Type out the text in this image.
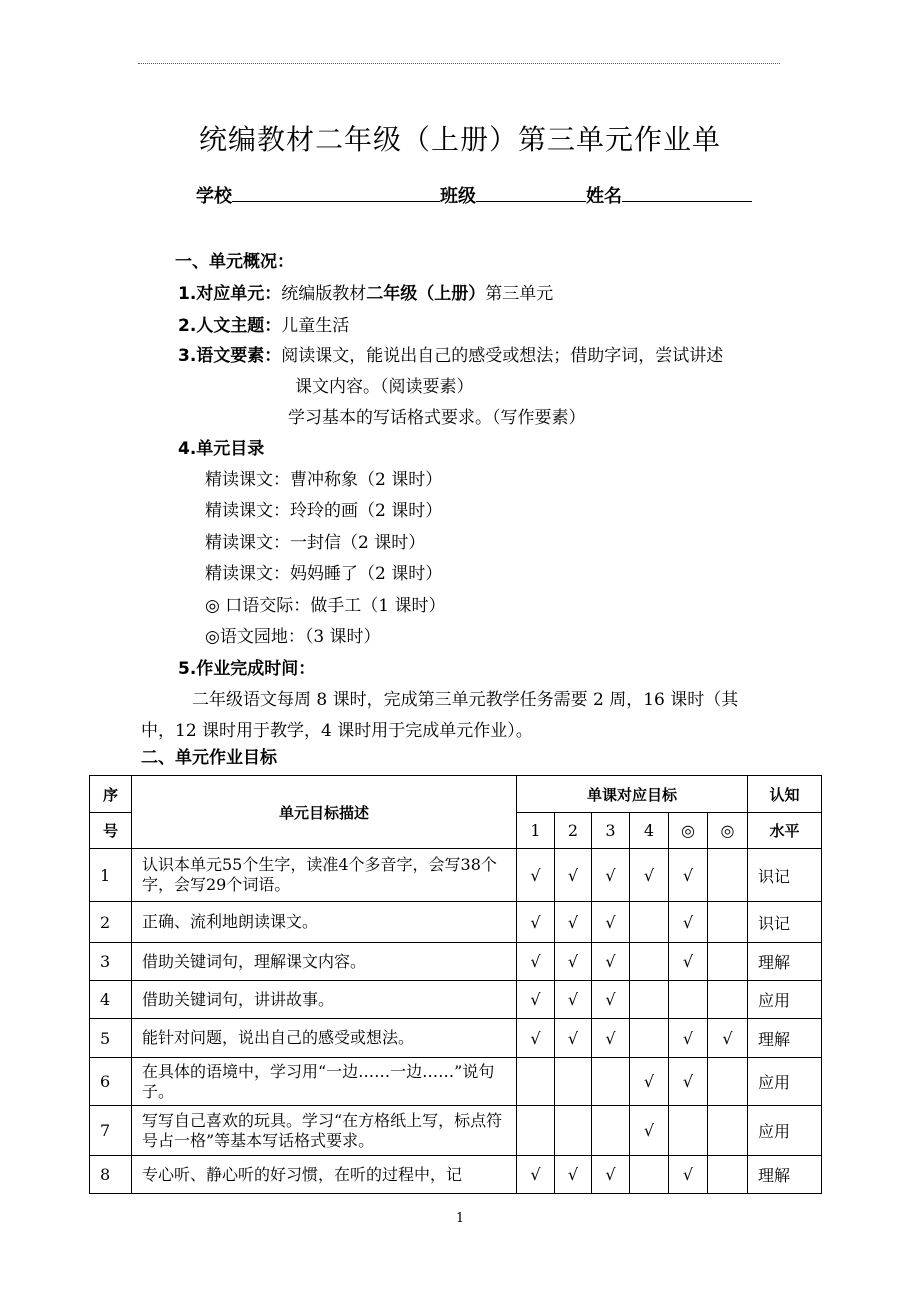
统编教材二年级（上册）第三单元作业单
学校	班级	姓名
一、单元概况：
1.对应单元：统编版教材二年级（上册）第三单元
2.人文主题：儿童生活
3.语文要素：阅读课文，能说出自己的感受或想法；借助字词，尝试讲述
课文内容。（阅读要素）
学习基本的写话格式要求。（写作要素）
4.单元目录
精读课文：曹冲称象（2 课时）
精读课文：玲玲的画（2 课时）
精读课文：一封信（2 课时）
精读课文：妈妈睡了（2 课时）
◎ 口语交际：做手工（1 课时）
◎语文园地：（3 课时）
5.作业完成时间：
二年级语文每周 8 课时，完成第三单元教学任务需要 2 周，16 课时（其
中，12 课时用于教学，4 课时用于完成单元作业）。
二、单元作业目标
序	单元目标描述	单课对应目标						认知
号		1	2	3	4	◎	◎	水平
1	认识本单元55个生字，读准4个多音字，会写38个字，会写29个词语。	√	√	√	√	√		识记
2	正确、流利地朗读课文。	√	√	√		√		识记
3	借助关键词句，理解课文内容。	√	√	√		√		理解
4	借助关键词句，讲讲故事。	√	√	√				应用
5	能针对问题，说出自己的感受或想法。	√	√	√		√	√	理解
6	在具体的语境中，学习用“一边……一边……”说句子。				√	√		应用
7	写写自己喜欢的玩具。学习“在方格纸上写，标点符号占一格”等基本写话格式要求。				√			应用
8	专心听、静心听的好习惯，在听的过程中，记	√	√	√		√		理解
1
